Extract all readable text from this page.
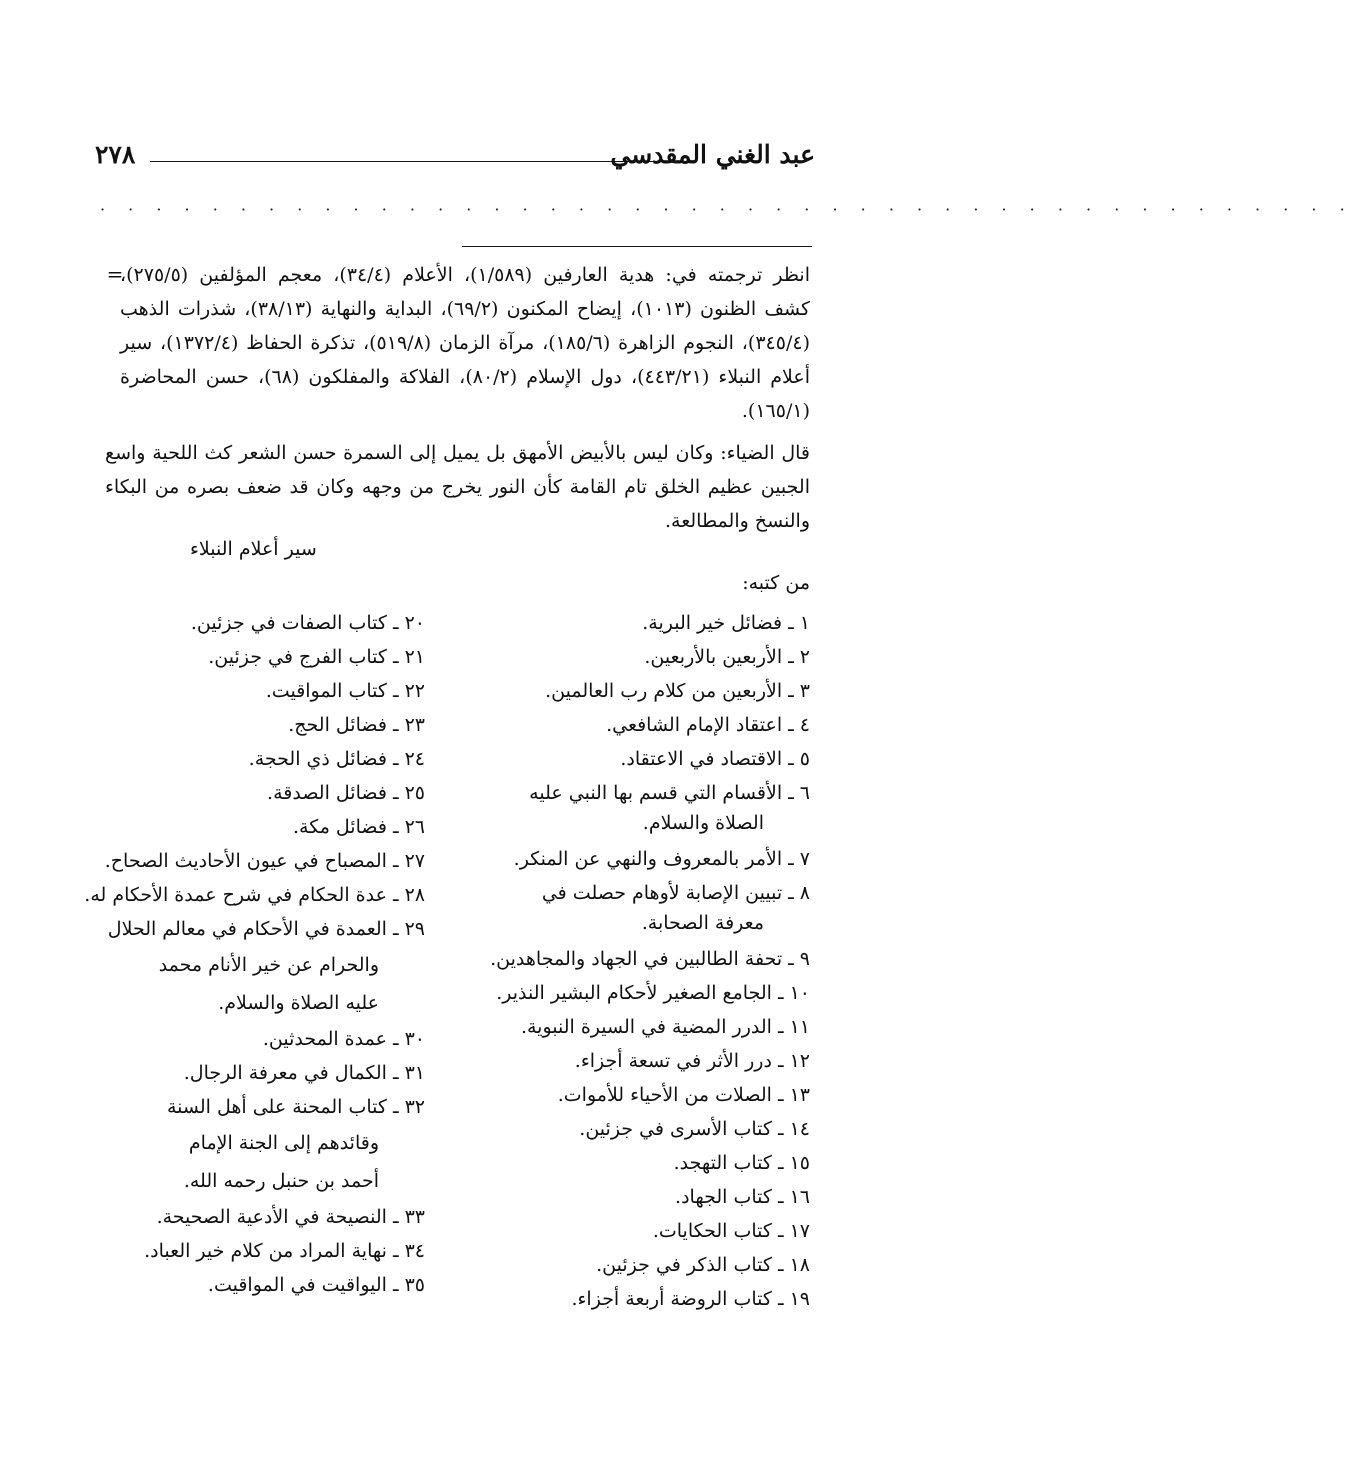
عبد الغني المقدسي
٢٧٨
· · · · · · · · · · · · · · · · · · · · · · · · · · · · · · · · · · · · · · · · · · · · ·
=
انظر ترجمته في: هدية العارفين (١/٥٨٩)، الأعلام (٣٤/٤)، معجم المؤلفين (٢٧٥/٥)، كشف الظنون (١٠١٣)، إيضاح المكنون (٦٩/٢)، البداية والنهاية (٣٨/١٣)، شذرات الذهب (٣٤٥/٤)، النجوم الزاهرة (١٨٥/٦)، مرآة الزمان (٥١٩/٨)، تذكرة الحفاظ (١٣٧٢/٤)، سير أعلام النبلاء (٤٤٣/٢١)، دول الإسلام (٨٠/٢)، الفلاكة والمفلكون (٦٨)، حسن المحاضرة (١٦٥/١).
قال الضياء: وكان ليس بالأبيض الأمهق بل يميل إلى السمرة حسن الشعر كث اللحية واسع الجبين عظيم الخلق تام القامة كأن النور يخرج من وجهه وكان قد ضعف بصره من البكاء والنسخ والمطالعة.
سير أعلام النبلاء
من كتبه:
١ ـ فضائل خير البرية.
٢ ـ الأربعين بالأربعين.
٣ ـ الأربعين من كلام رب العالمين.
٤ ـ اعتقاد الإمام الشافعي.
٥ ـ الاقتصاد في الاعتقاد.
٦ ـ الأقسام التي قسم بها النبي عليه
الصلاة والسلام.
٧ ـ الأمر بالمعروف والنهي عن المنكر.
٨ ـ تبيين الإصابة لأوهام حصلت في
معرفة الصحابة.
٩ ـ تحفة الطالبين في الجهاد والمجاهدين.
١٠ ـ الجامع الصغير لأحكام البشير النذير.
١١ ـ الدرر المضية في السيرة النبوية.
١٢ ـ درر الأثر في تسعة أجزاء.
١٣ ـ الصلات من الأحياء للأموات.
١٤ ـ كتاب الأسرى في جزئين.
١٥ ـ كتاب التهجد.
١٦ ـ كتاب الجهاد.
١٧ ـ كتاب الحكايات.
١٨ ـ كتاب الذكر في جزئين.
١٩ ـ كتاب الروضة أربعة أجزاء.
٢٠ ـ كتاب الصفات في جزئين.
٢١ ـ كتاب الفرج في جزئين.
٢٢ ـ كتاب المواقيت.
٢٣ ـ فضائل الحج.
٢٤ ـ فضائل ذي الحجة.
٢٥ ـ فضائل الصدقة.
٢٦ ـ فضائل مكة.
٢٧ ـ المصباح في عيون الأحاديث الصحاح.
٢٨ ـ عدة الحكام في شرح عمدة الأحكام له.
٢٩ ـ العمدة في الأحكام في معالم الحلال
والحرام عن خير الأنام محمد
عليه الصلاة والسلام.
٣٠ ـ عمدة المحدثين.
٣١ ـ الكمال في معرفة الرجال.
٣٢ ـ كتاب المحنة على أهل السنة
وقائدهم إلى الجنة الإمام
أحمد بن حنبل رحمه الله.
٣٣ ـ النصيحة في الأدعية الصحيحة.
٣٤ ـ نهاية المراد من كلام خير العباد.
٣٥ ـ اليواقيت في المواقيت.
